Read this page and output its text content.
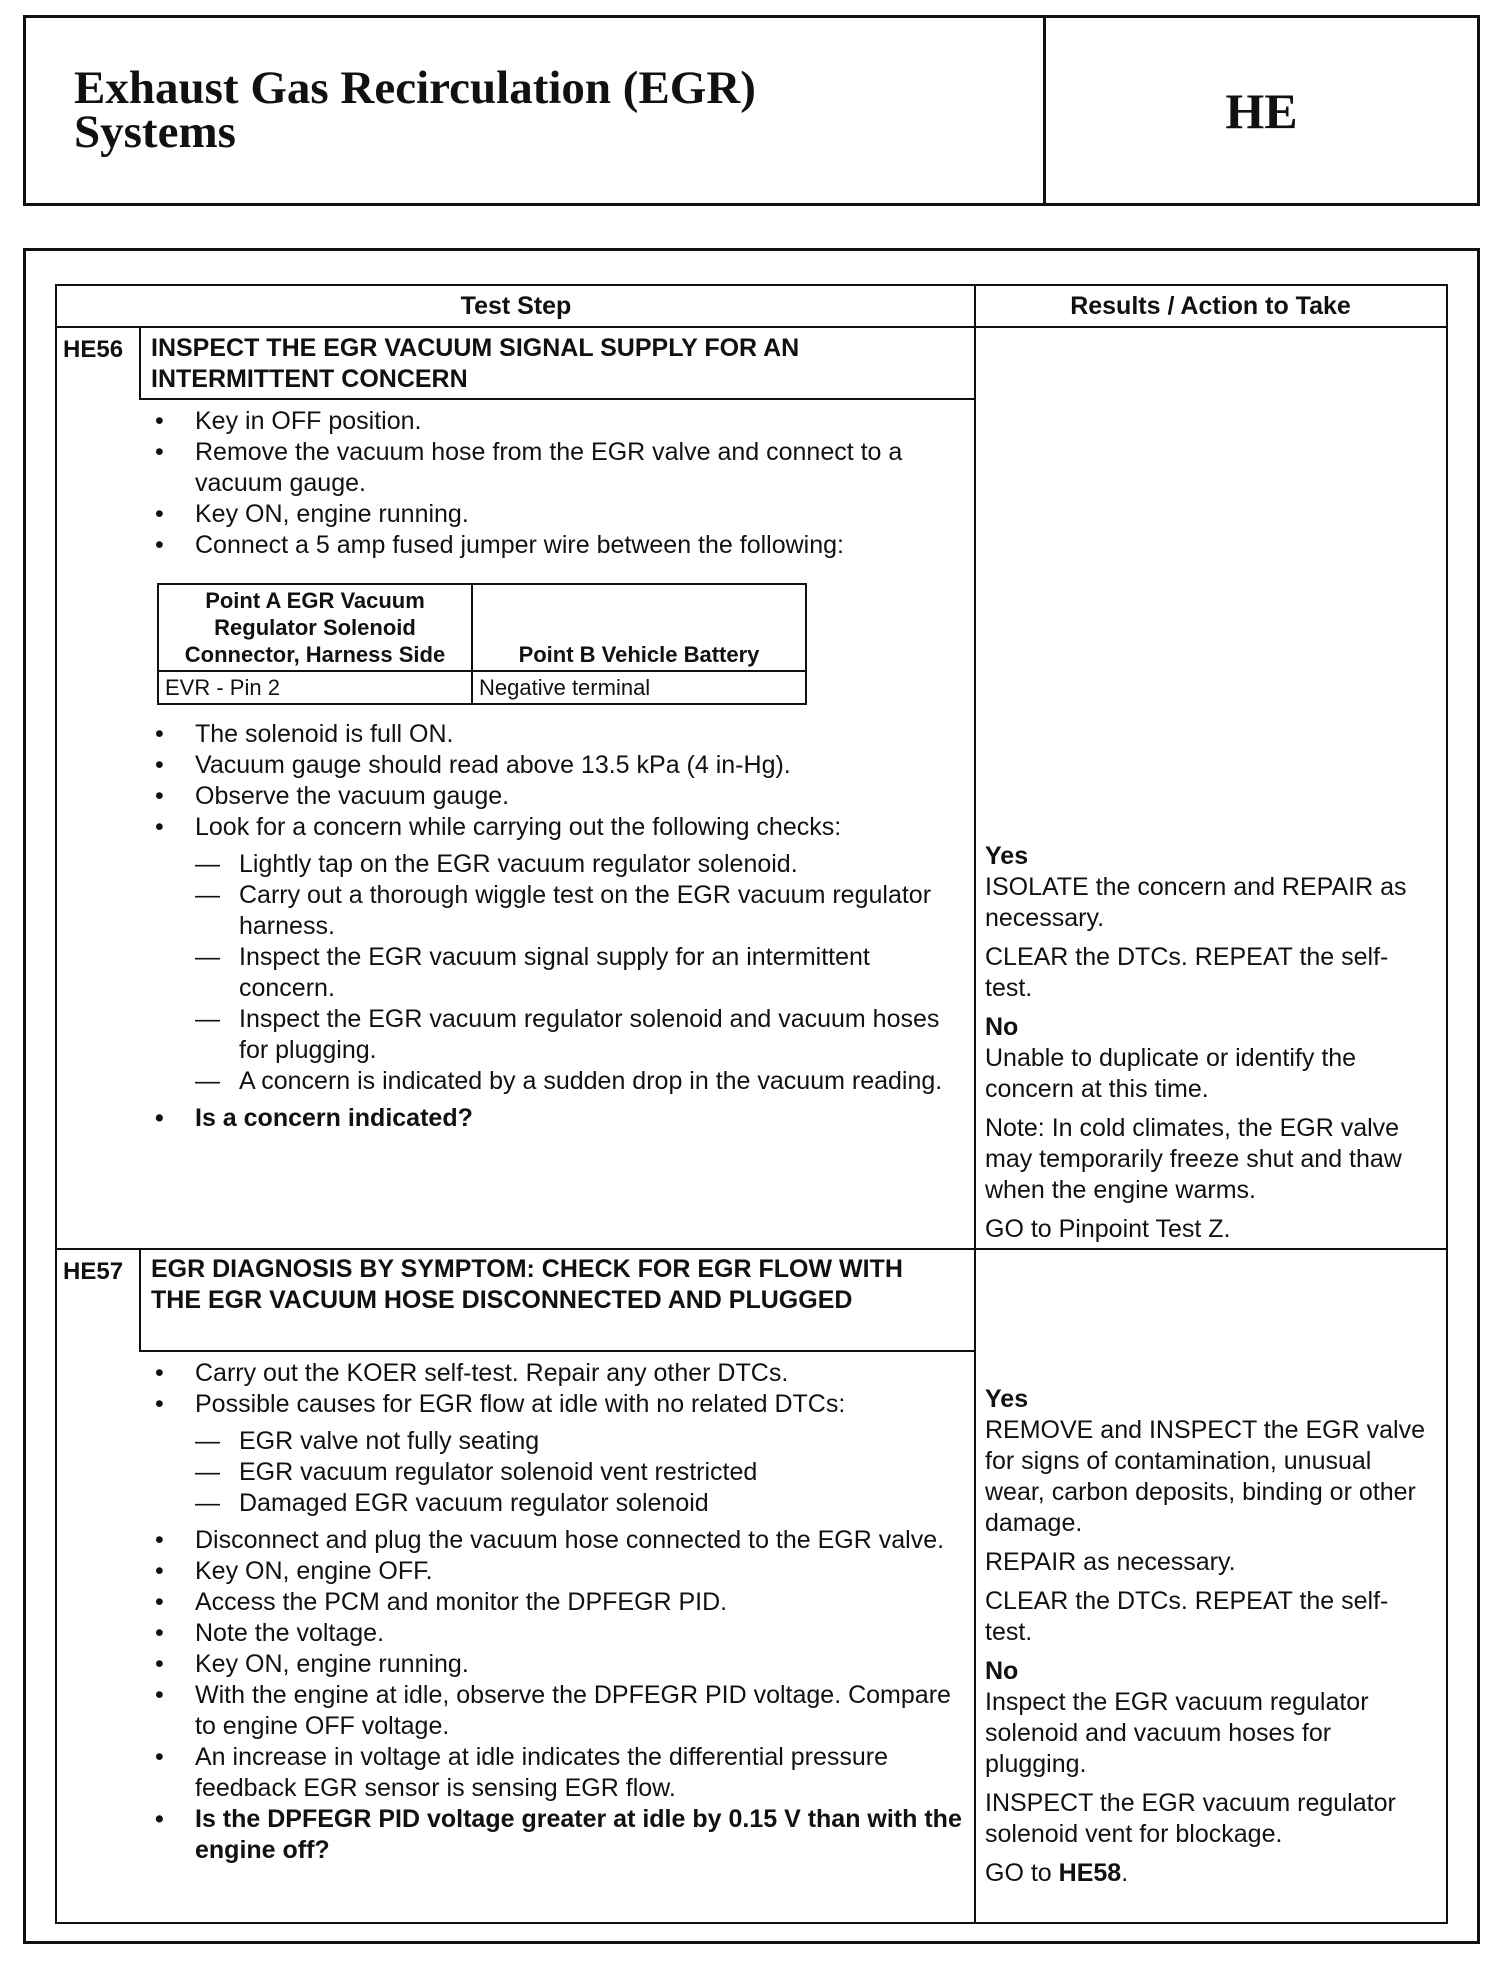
Exhaust Gas Recirculation (EGR)
Systems	HE
Test Step	Results / Action to Take
HE56 INSPECT THE EGR VACUUM SIGNAL SUPPLY FOR AN INTERMITTENT CONCERN
• Key in OFF position.
• Remove the vacuum hose from the EGR valve and connect to a vacuum gauge.
• Key ON, engine running.
• Connect a 5 amp fused jumper wire between the following:
Point A EGR Vacuum Regulator Solenoid Connector, Harness Side	Point B Vehicle Battery
EVR - Pin 2	Negative terminal
• The solenoid is full ON.
• Vacuum gauge should read above 13.5 kPa (4 in-Hg).
• Observe the vacuum gauge.
• Look for a concern while carrying out the following checks:
— Lightly tap on the EGR vacuum regulator solenoid.
— Carry out a thorough wiggle test on the EGR vacuum regulator harness.
— Inspect the EGR vacuum signal supply for an intermittent concern.
— Inspect the EGR vacuum regulator solenoid and vacuum hoses for plugging.
— A concern is indicated by a sudden drop in the vacuum reading.
• Is a concern indicated?

Yes

ISOLATE the concern and REPAIR as necessary.

CLEAR the DTCs. REPEAT the self-test.

No

Unable to duplicate or identify the concern at this time.

Note: In cold climates, the EGR valve may temporarily freeze shut and thaw when the engine warms.

GO to Pinpoint Test Z.

HE57 EGR DIAGNOSIS BY SYMPTOM: CHECK FOR EGR FLOW WITH THE EGR VACUUM HOSE DISCONNECTED AND PLUGGED
• Carry out the KOER self-test. Repair any other DTCs.
• Possible causes for EGR flow at idle with no related DTCs:
— EGR valve not fully seating
— EGR vacuum regulator solenoid vent restricted
— Damaged EGR vacuum regulator solenoid
• Disconnect and plug the vacuum hose connected to the EGR valve.
• Key ON, engine OFF.
• Access the PCM and monitor the DPFEGR PID.
• Note the voltage.
• Key ON, engine running.
• With the engine at idle, observe the DPFEGR PID voltage. Compare to engine OFF voltage.
• An increase in voltage at idle indicates the differential pressure feedback EGR sensor is sensing EGR flow.
• Is the DPFEGR PID voltage greater at idle by 0.15 V than with the engine off?

Yes

REMOVE and INSPECT the EGR valve for signs of contamination, unusual wear, carbon deposits, binding or other damage.

REPAIR as necessary.

CLEAR the DTCs. REPEAT the self-test.

No

Inspect the EGR vacuum regulator solenoid and vacuum hoses for plugging.

INSPECT the EGR vacuum regulator solenoid vent for blockage.

GO to HE58.
